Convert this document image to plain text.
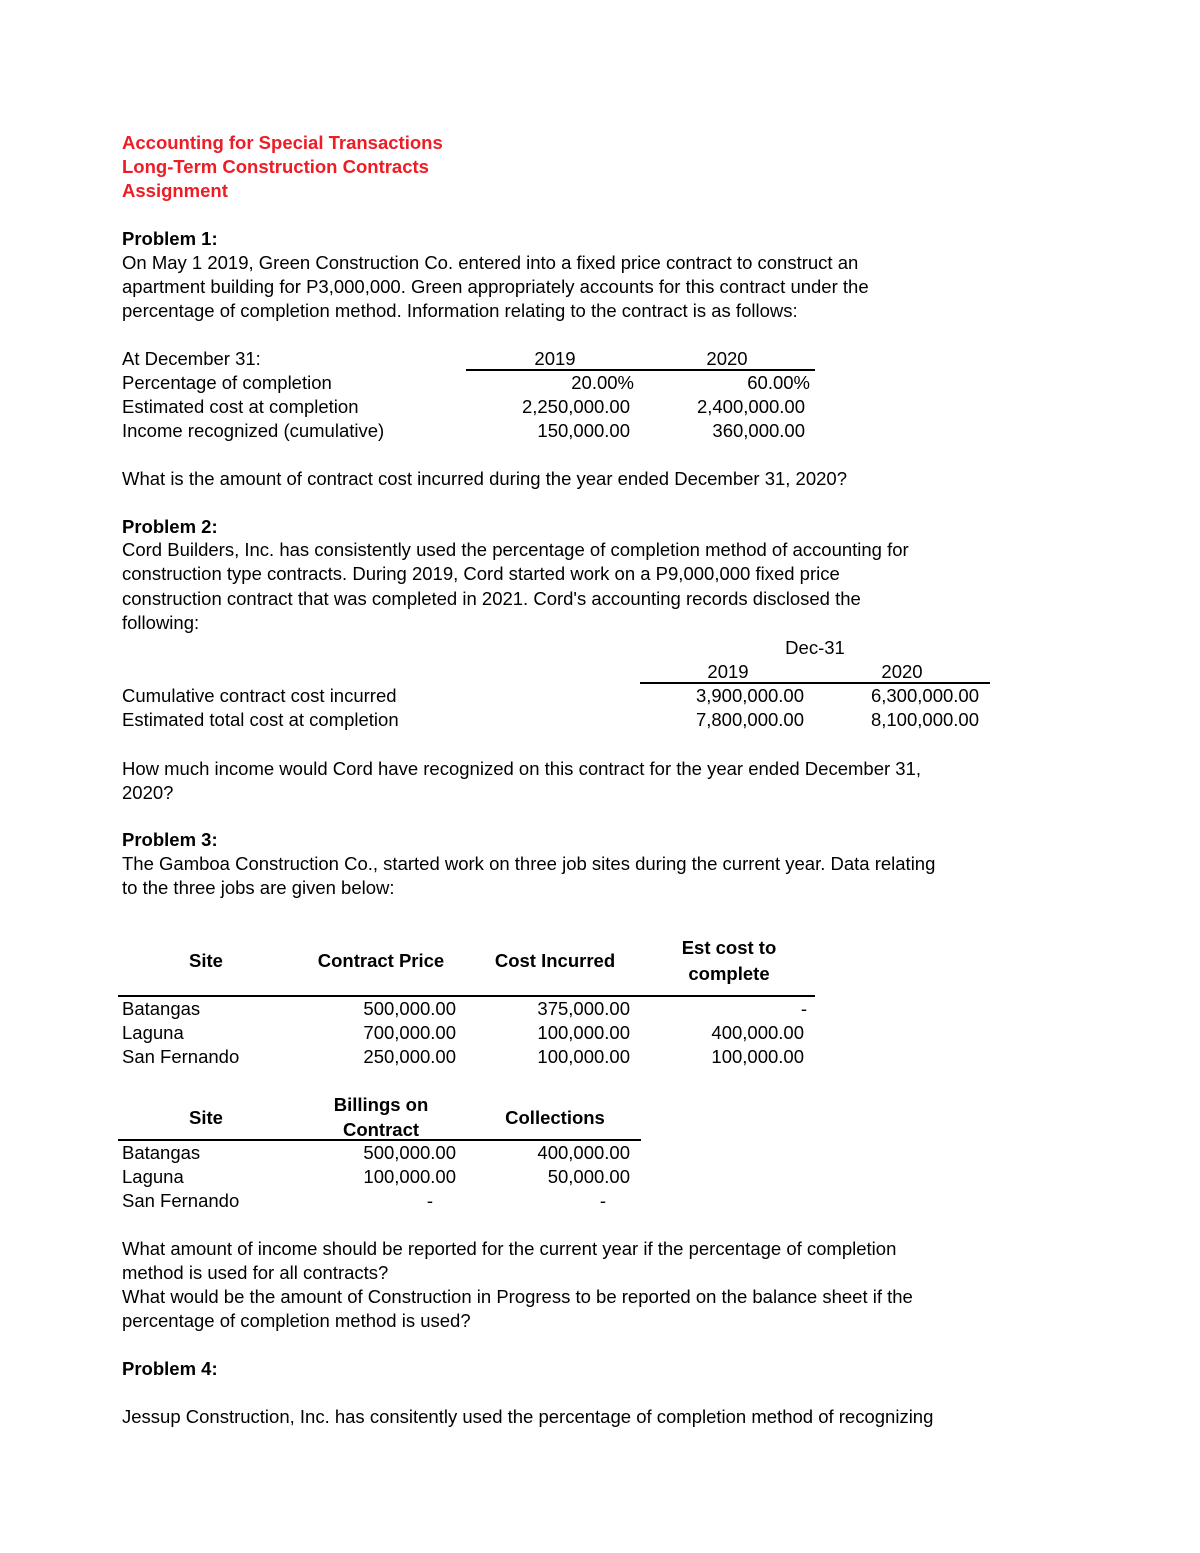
Accounting for Special Transactions
Long-Term Construction Contracts
Assignment
Problem 1:
On May 1 2019, Green Construction Co. entered into a fixed price contract to construct an
apartment building for P3,000,000. Green appropriately accounts for this contract under the
percentage of completion method. Information relating to the contract is as follows:
At December 31:	2019	2020
Percentage of completion	20.00%	60.00%
Estimated cost at completion	2,250,000.00	2,400,000.00
Income recognized (cumulative)	150,000.00	360,000.00
What is the amount of contract cost incurred during the year ended December 31, 2020?
Problem 2:
Cord Builders, Inc. has consistently used the percentage of completion method of accounting for
construction type contracts. During 2019, Cord started work on a P9,000,000 fixed price
construction contract that was completed in 2021. Cord's accounting records disclosed the
following:
Dec-31
2019	2020
Cumulative contract cost incurred	3,900,000.00	6,300,000.00
Estimated total cost at completion	7,800,000.00	8,100,000.00
How much income would Cord have recognized on this contract for the year ended December 31,
2020?
Problem 3:
The Gamboa Construction Co., started work on three job sites during the current year. Data relating
to the three jobs are given below:
Site	Contract Price	Cost Incurred
Est cost to
complete
Batangas	500,000.00	375,000.00	-
Laguna	700,000.00	100,000.00	400,000.00
San Fernando	250,000.00	100,000.00	100,000.00
Site
Billings on
Contract
Collections
Batangas	500,000.00	400,000.00
Laguna	100,000.00	50,000.00
San Fernando	-	-
What amount of income should be reported for the current year if the percentage of completion
method is used for all contracts?
What would be the amount of Construction in Progress to be reported on the balance sheet if the
percentage of completion method is used?
Problem 4:
Jessup Construction, Inc. has consitently used the percentage of completion method of recognizing
